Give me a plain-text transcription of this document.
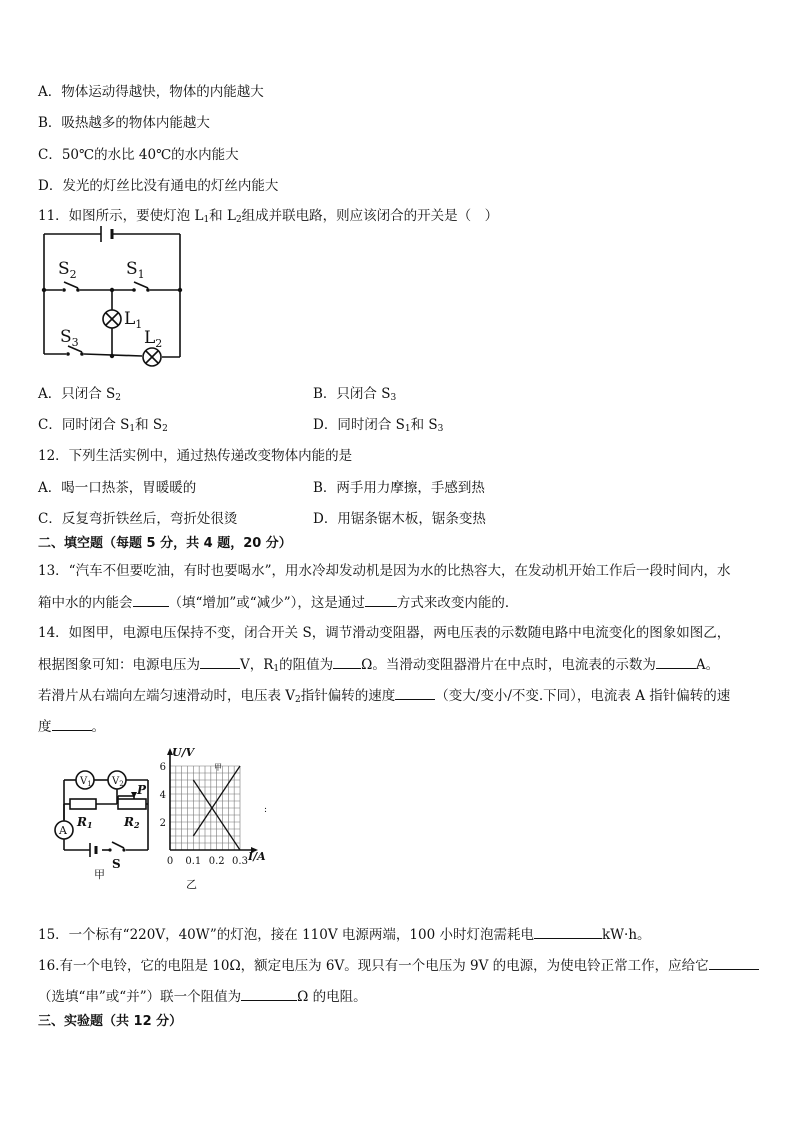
A．物体运动得越快，物体的内能越大
B．吸热越多的物体内能越大
C．50℃的水比 40℃的水内能大
D．发光的灯丝比没有通电的灯丝内能大
11．如图所示，要使灯泡 $L_1$和 $L_2$组成并联电路，则应该闭合的开关是（　）
$S_2$	$S_1$
$L_1$
$S_3$	$L_2$
A．只闭合 $S_2$	B．只闭合 $S_3$
C．同时闭合 $S_1$和 $S_2$	D．同时闭合 $S_1$和 $S_3$
12．下列生活实例中，通过热传递改变物体内能的是
A．喝一口热茶，胃暖暖的	B．两手用力摩擦，手感到热
C．反复弯折铁丝后，弯折处很烫	D．用锯条锯木板，锯条变热
二、填空题（每题 5 分，共 4 题，20 分）
13．“汽车不但要吃油，有时也要喝水”，用水冷却发动机是因为水的比热容大，在发动机开始工作后一段时间内，水
箱中水的内能会	（填“增加”或“减少”），这是通过 方式来改变内能的．
14．如图甲，电源电压保持不变，闭合开关 S，调节滑动变阻器，两电压表的示数随电路中电流变化的图象如图乙，
根据图象可知：电源电压为	V，$R_1$的阻值为 Ω。当滑动变阻器滑片在中点时，电流表的示数为	A。
若滑片从右端向左端匀速滑动时，电压表 $V_2$指针偏转的速度	（变大/变小/不变.下同），电流表 A 指针偏转的速
度	。
$V_1$ $V_2$
A
P
R1	R2
S
甲
0 0.1 0.2 0.3
2
4
6
U/V
I/A
乙
甲
:
15．一个标有“220V，40W”的灯泡，接在 110V 电源两端，100 小时灯泡需耗电	kW·h。
16.有一个电铃，它的电阻是 10Ω，额定电压为 6V。现只有一个电压为 9V 的电源，为使电铃正常工作，应给它
（选填“串”或“并”）联一个阻值为	Ω 的电阻。
三、实验题（共 12 分）
